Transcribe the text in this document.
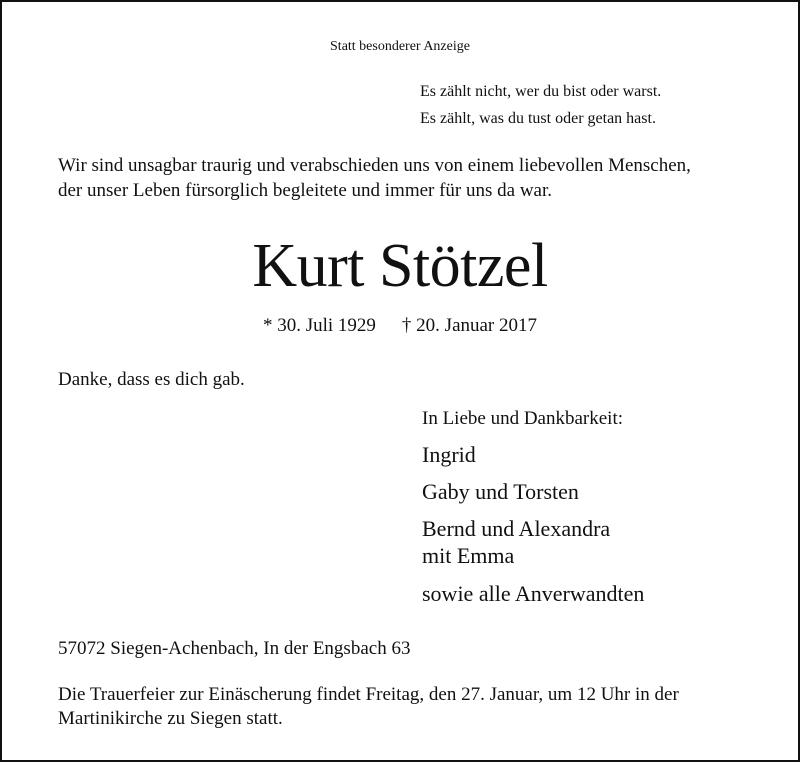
Statt besonderer Anzeige
Es zählt nicht, wer du bist oder warst.
Es zählt, was du tust oder getan hast.
Wir sind unsagbar traurig und verabschieden uns von einem liebevollen Menschen,
der unser Leben fürsorglich begleitete und immer für uns da war.
Kurt Stötzel
* 30. Juli 1929 † 20. Januar 2017
Danke, dass es dich gab.
In Liebe und Dankbarkeit:
Ingrid
Gaby und Torsten
Bernd und Alexandra
mit Emma
sowie alle Anverwandten
57072 Siegen-Achenbach, In der Engsbach 63
Die Trauerfeier zur Einäscherung findet Freitag, den 27. Januar, um 12 Uhr in der
Martinikirche zu Siegen statt.
